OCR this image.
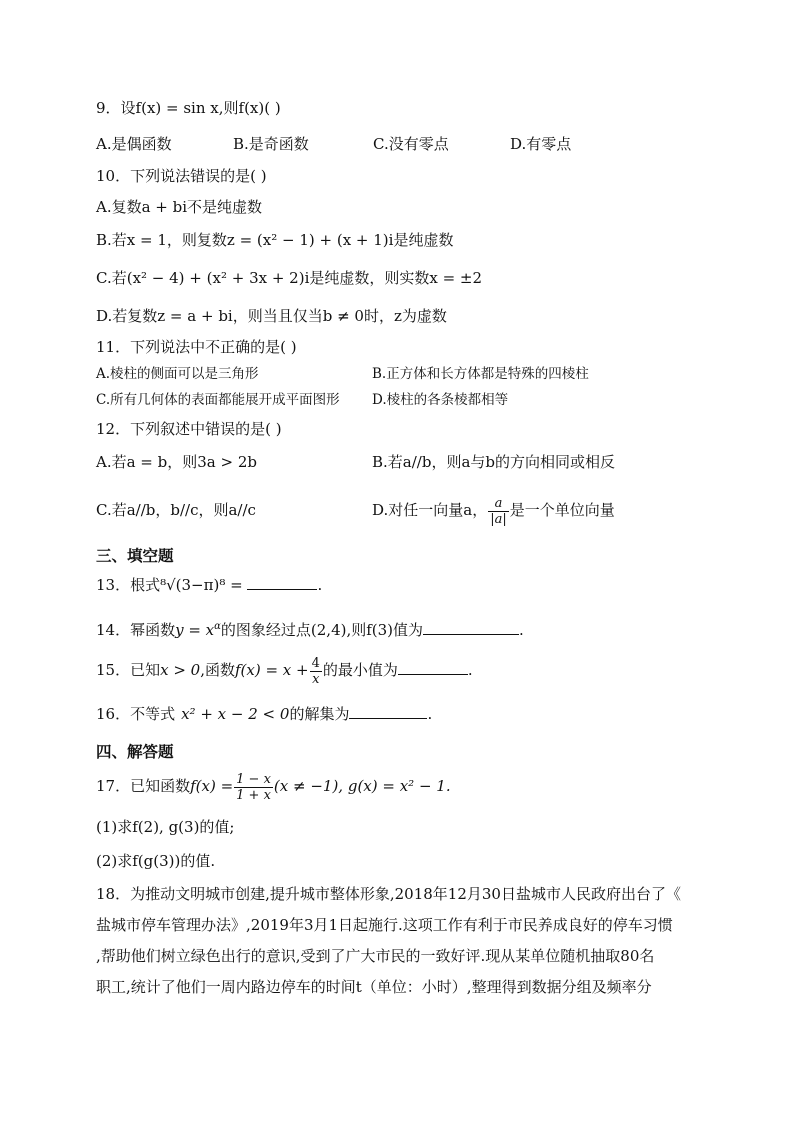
9．设f(x) = sin x,则f(x)( )
A.是偶函数	B.是奇函数	C.没有零点	D.有零点
10．下列说法错误的是( )
A.复数a + bi不是纯虚数
B.若x = 1，则复数z = (x² − 1) + (x + 1)i是纯虚数
C.若(x² − 4) + (x² + 3x + 2)i是纯虚数，则实数x = ±2
D.若复数z = a + bi，则当且仅当b ≠ 0时，z为虚数
11．下列说法中不正确的是( )
A.棱柱的侧面可以是三角形	B.正方体和长方体都是特殊的四棱柱
C.所有几何体的表面都能展开成平面图形 D.棱柱的各条棱都相等
12．下列叙述中错误的是( )
A.若a = b，则3a > 2b	B.若a//b，则a与b的方向相同或相反
C.若a//b，b//c，则a//c	D.对任一向量a， $\frac{a}{|a|}$ 是一个单位向量
三、填空题
13．根式⁸√(3−π)⁸ =	.
14．幂函数$y = x^\alpha$的图象经过点(2,4),则f(3)值为	.
15．已知x > 0,函数$f(x) = x + \frac{4}{x}$ 的最小值为	.
16．不等式 x² + x − 2 < 0的解集为	.
四、解答题
17．已知函数$f(x) = \frac{1 - x}{1 + x} (x \ne -1)$, g(x) = x² − 1.
(1)求f(2), g(3)的值;
(2)求f(g(3))的值.
18．为推动文明城市创建,提升城市整体形象,2018年12月30日盐城市人民政府出台了《
盐城市停车管理办法》,2019年3月1日起施行.这项工作有利于市民养成良好的停车习惯
,帮助他们树立绿色出行的意识,受到了广大市民的一致好评.现从某单位随机抽取80名
职工,统计了他们一周内路边停车的时间t（单位：小时）,整理得到数据分组及频率分
